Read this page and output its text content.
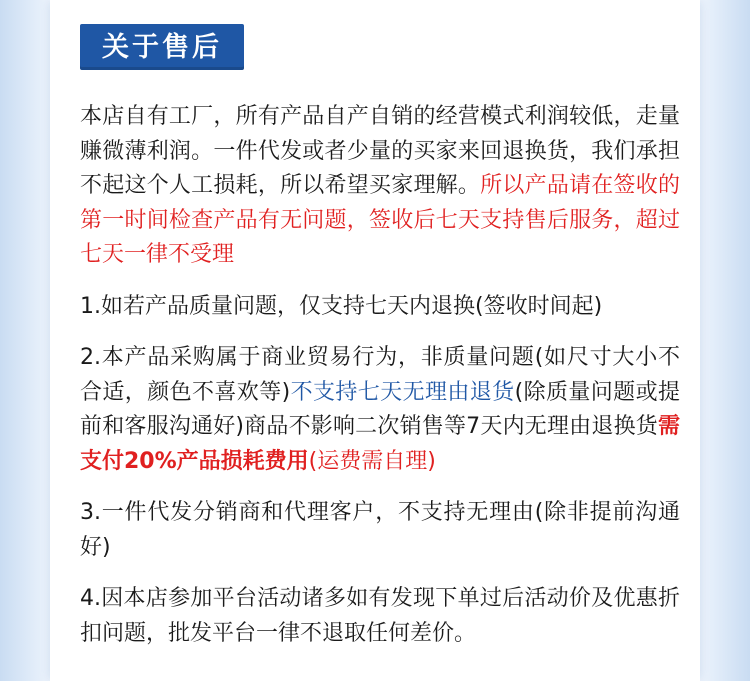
关于售后

本店自有工厂，所有产品自产自销的经营模式利润较低，走量赚微薄利润。一件代发或者少量的买家来回退换货，我们承担不起这个人工损耗，所以希望买家理解。所以产品请在签收的第一时间检查产品有无问题，签收后七天支持售后服务，超过七天一律不受理

1.如若产品质量问题，仅支持七天内退换(签收时间起)

2.本产品采购属于商业贸易行为，非质量问题(如尺寸大小不合适，颜色不喜欢等)不支持七天无理由退货(除质量问题或提前和客服沟通好)商品不影响二次销售等7天内无理由退换货需支付20%产品损耗费用(运费需自理)

3.一件代发分销商和代理客户，不支持无理由(除非提前沟通好)

4.因本店参加平台活动诸多如有发现下单过后活动价及优惠折扣问题，批发平台一律不退取任何差价。
